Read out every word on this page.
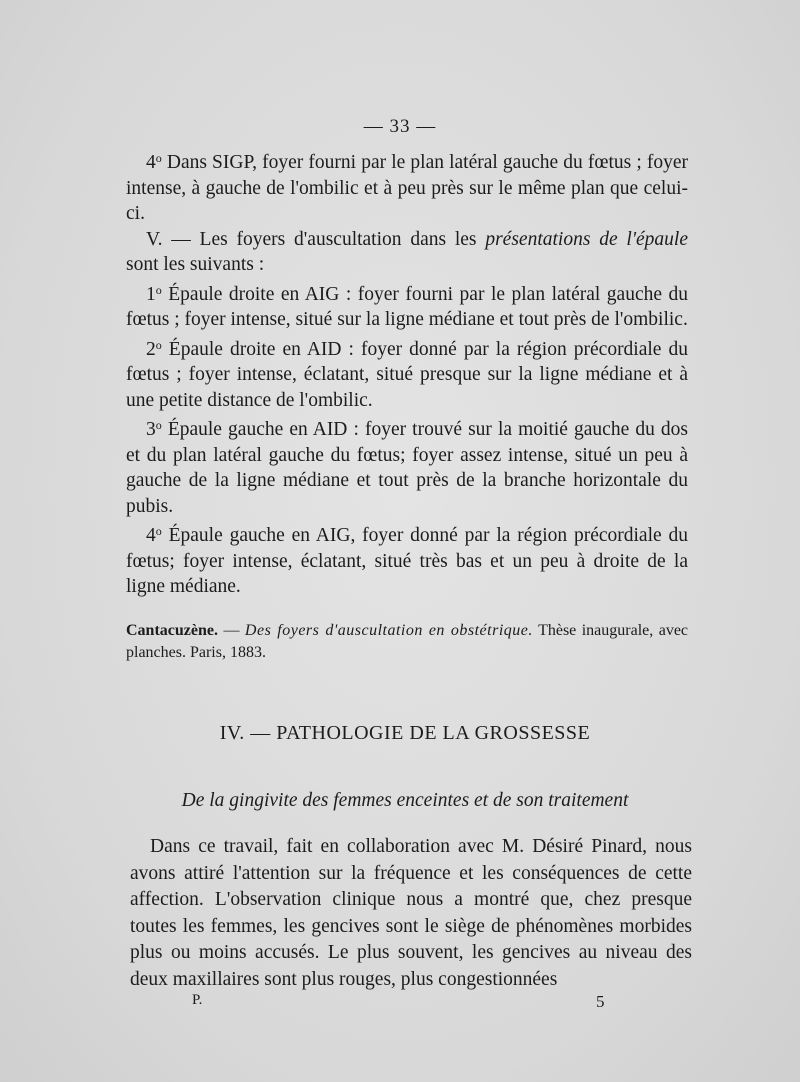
— 33 —

4$^o$ Dans SIGP, foyer fourni par le plan latéral gauche du fœtus ; foyer intense, à gauche de l'ombilic et à peu près sur le même plan que celui-ci.

V. — Les foyers d'auscultation dans les présentations de l'épaule sont les suivants :

1$^o$ Épaule droite en AIG : foyer fourni par le plan latéral gauche du fœtus ; foyer intense, situé sur la ligne médiane et tout près de l'ombilic.

2$^o$ Épaule droite en AID : foyer donné par la région précordiale du fœtus ; foyer intense, éclatant, situé presque sur la ligne médiane et à une petite distance de l'ombilic.

3$^o$ Épaule gauche en AID : foyer trouvé sur la moitié gauche du dos et du plan latéral gauche du fœtus; foyer assez intense, situé un peu à gauche de la ligne médiane et tout près de la branche horizontale du pubis.

4$^o$ Épaule gauche en AIG, foyer donné par la région précordiale du fœtus; foyer intense, éclatant, situé très bas et un peu à droite de la ligne médiane.

Cantacuzène. — Des foyers d'auscultation en obstétrique. Thèse inaugurale, avec planches. Paris, 1883.
IV. — PATHOLOGIE DE LA GROSSESSE
De la gingivite des femmes enceintes et de son traitement

Dans ce travail, fait en collaboration avec M. Désiré Pinard, nous avons attiré l'attention sur la fréquence et les conséquences de cette affection. L'observation clinique nous a montré que, chez presque toutes les femmes, les gencives sont le siège de phénomènes morbides plus ou moins accusés. Le plus souvent, les gencives au niveau des deux maxillaires sont plus rouges, plus congestionnées

P.	5
